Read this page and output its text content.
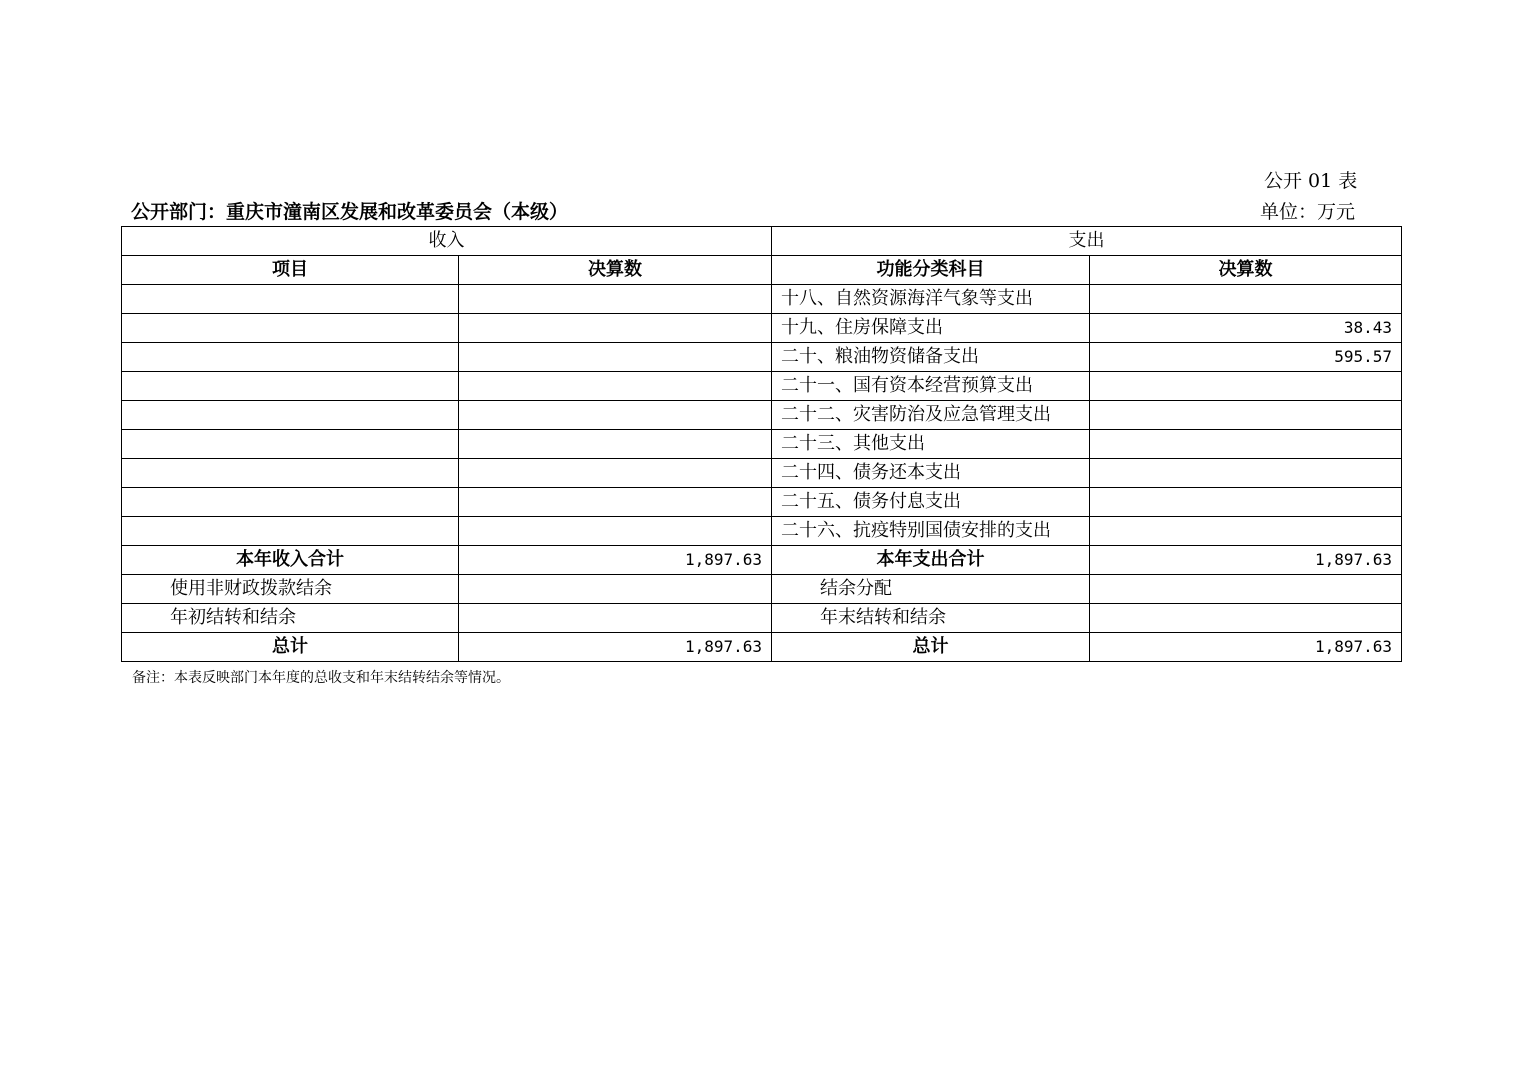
公开 01 表
公开部门：重庆市潼南区发展和改革委员会（本级）	单位：万元
收入		支出	
项目	决算数	功能分类科目	决算数
		十八、自然资源海洋气象等支出	
		十九、住房保障支出	38.43
		二十、粮油物资储备支出	595.57
		二十一、国有资本经营预算支出	
		二十二、灾害防治及应急管理支出	
		二十三、其他支出	
		二十四、债务还本支出	
		二十五、债务付息支出	
		二十六、抗疫特别国债安排的支出	
本年收入合计	1,897.63	本年支出合计	1,897.63
使用非财政拨款结余		结余分配	
年初结转和结余		年末结转和结余	
总计	1,897.63	总计	1,897.63
备注：本表反映部门本年度的总收支和年末结转结余等情况。
